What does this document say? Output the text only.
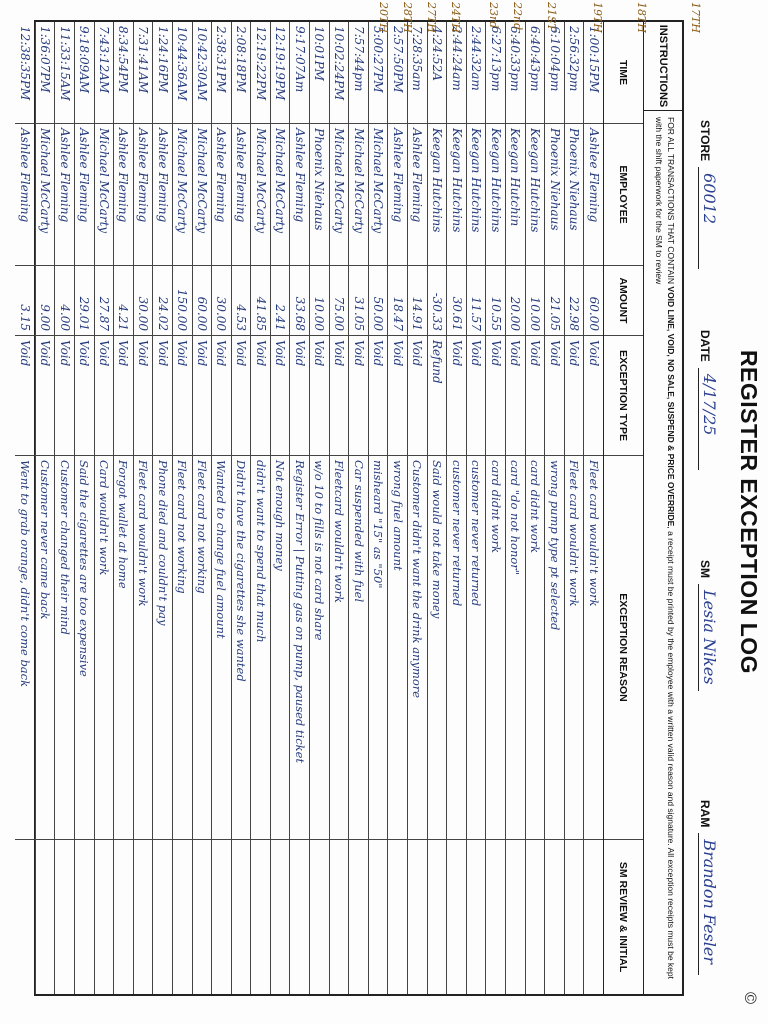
REGISTER EXCEPTION LOG
©
STORE
60012
DATE
4/17/25
SM
Lesia Nikes
RAM
Brandon Fesler
INSTRUCTIONS
FOR ALL TRANSACTIONS THAT CONTAIN VOID LINE, VOID, NO SALE, SUSPEND & PRICE OVERRIDE, a receipt must be printed by the employee with a written valid reason and signature. All exception receipts must be kept with the shift paperwork for the SM to review
TIME
EMPLOYEE
AMOUNT
EXCEPTION TYPE
EXCEPTION REASON
SM REVIEW & INITIAL
1:00:15PM
Ashlee Fleming
60.00
Void
Fleet card wouldn't work
2:56:32pm
Phoenix Niehaus
22.98
Void
Fleet card wouldn't work
6:10:04pm
Phoenix Niehaus
21.05
Void
wrong pump type pt selected
6:40:43pm
Keegan Hutchins
10.00
Void
card didnt work
6:40:33pm
Keegan Hutchin
20.00
Void
card "do not honor"
6:27:13pm
Keegan Hutchins
10.55
Void
card didnt work
2:44:32am
Keegan Hutchins
11.57
Void
customer never returned
2:44:24am
Keegan Hutchins
30.61
Void
customer never returned
4:24:52A
Keegan Hutchins
-30.33
Refund
Said would not take money
7:28:35am
Ashlee Fleming
14.91
Void
Customer didn't want the drink anymore
2:57:50PM
Ashlee Fleming
18.47
Void
wrong fuel amount
5:00:27PM
Michael McCarty
50.00
Void
misheard "15" as "50"
7:57:44pm
Michael McCarty
31.05
Void
Car suspended with fuel
10:02:24PM
Michael McCarty
75.00
Void
Fleetcard wouldn't work
10:01PM
Phoenix Niehaus
10.00
Void
w/o 10 to fills is not card share
9:17:07Am
Ashlee Fleming
33.68
Void
Register Error | Putting gas on pump, paused ticket
12:19:19PM
Michael McCarty
2.41
Void
Not enough money
12:19:22PM
Michael McCarty
41.85
Void
didn't want to spend that much
2:08:18PM
Ashlee Fleming
4.53
Void
Didn't have the cigarettes she wanted
2:38:31PM
Ashlee Fleming
30.00
Void
Wanted to change fuel amount
10:42:30AM
Michael McCarty
60.00
Void
Fleet card not working
10:44:36AM
Michael McCarty
150.00
Void
Fleet card not working
1:24:16PM
Ashlee Fleming
24.02
Void
Phone died and couldn't pay
7:31:41AM
Ashlee Fleming
30.00
Void
Fleet card wouldn't work
8:34:54PM
Ashlee Fleming
4.21
Void
Forgot wallet at home
7:43:12AM
Michael McCarty
27.87
Void
Card wouldn't work
9:18:09AM
Ashlee Fleming
29.01
Void
Said the cigarettes are too expensive
11:33:15AM
Ashlee Fleming
4.00
Void
Customer changed their mind
1:36:07PM
Michael McCarty
9.00
Void
Customer never came back
12:38:35PM
Ashlee Fleming
3.15
Void
Went to grab orange, didn't come back
17TH
18TH
19TH
21ST
22nd
23rd
24TH
27TH
28TH
20TH
